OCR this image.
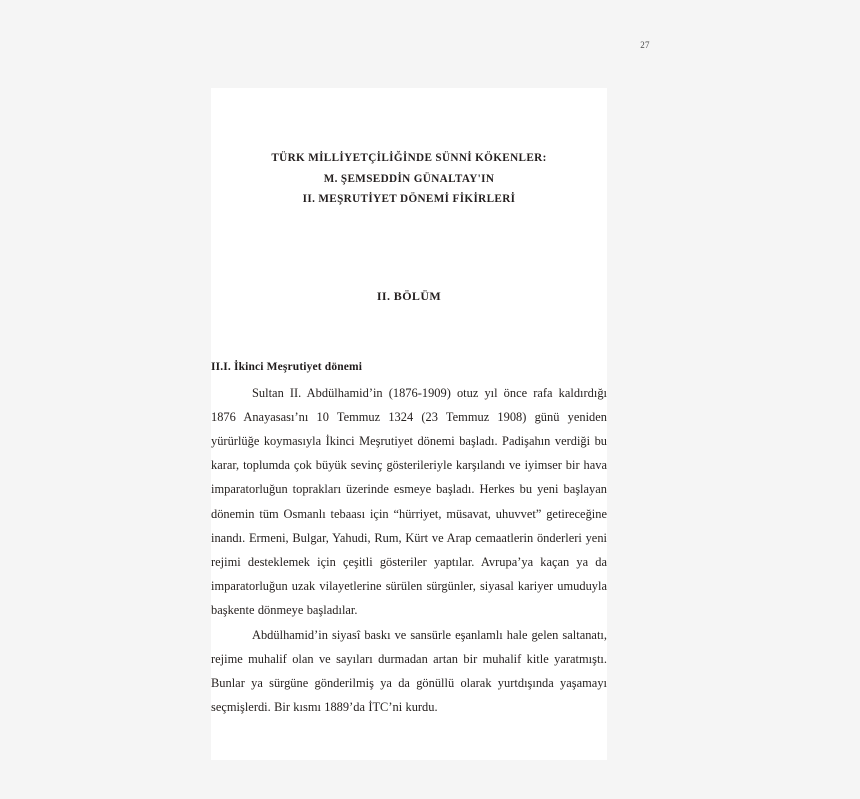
27
TÜRK MİLLİYETÇİLİĞİNDE SÜNNİ KÖKENLER:
M. ŞEMSEDDİN GÜNALTAY'IN
II. MEŞRUTİYET DÖNEMİ FİKİRLERİ
II. BÖLÜM
II.I. İkinci Meşrutiyet dönemi

Sultan II. Abdülhamid’in (1876-1909) otuz yıl önce rafa kaldırdığı 1876 Anayasası’nı 10 Temmuz 1324 (23 Temmuz 1908) günü yeniden yürürlüğe koymasıyla İkinci Meşrutiyet dönemi başladı. Padişahın verdiği bu karar, toplumda çok büyük sevinç gösterileriyle karşılandı ve iyimser bir hava imparatorluğun toprakları üzerinde esmeye başladı. Herkes bu yeni başlayan dönemin tüm Osmanlı tebaası için “hürriyet, müsavat, uhuvvet” getireceğine inandı. Ermeni, Bulgar, Yahudi, Rum, Kürt ve Arap cemaatlerin önderleri yeni rejimi desteklemek için çeşitli gösteriler yaptılar. Avrupa’ya kaçan ya da imparatorluğun uzak vilayetlerine sürülen sürgünler, siyasal kariyer umuduyla başkente dönmeye başladılar.

Abdülhamid’in siyasî baskı ve sansürle eşanlamlı hale gelen saltanatı, rejime muhalif olan ve sayıları durmadan artan bir muhalif kitle yaratmıştı. Bunlar ya sürgüne gönderilmiş ya da gönüllü olarak yurtdışında yaşamayı seçmişlerdi. Bir kısmı 1889’da İTC’ni kurdu.
